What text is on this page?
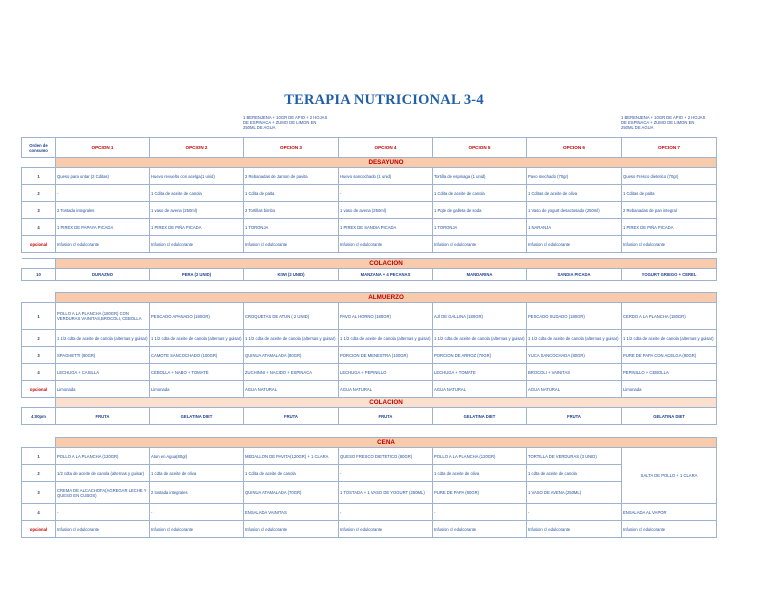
TERAPIA NUTRICIONAL 3-4
1 BERENJENA + 10GR DE APIO + 2 HOJAS
DE ESPINACA + ZUMO DE LIMON EN
250ML DE AGUA
1 BERENJENA + 10GR DE APIO + 2 HOJAS
DE ESPINACA + ZUMO DE LIMON EN
250ML DE AGUA
Orden de
consumo	OPCION 1	OPCION 2	OPCION 3	OPCION 4	OPCION 5	OPCION 6	OPCION 7
	DESAYUNO						
1	Queso para untar (2 Cditas)	Huevo revuelto con acelga(1 unid)	2 Rebanadas de Jamon de pavita	Huevo sancochado (1 unid)	Tortilla de espinaga (1 unid)	Pavo mechado (70gr)	Queso Fresco dietetico (70gr)
2	-	1 Cdita de aceite de canola	1 Cdita de palta	-	1 Cdita de aceite de canola	1 Cditas de aceite de oliva	1 Cditas de palta
3	2 Tostada integrales	1 vaso de avena (250ml)	2 Tortillas bimbo	1 vaso de avena (250ml)	1 Pqte de galleta de soda	1 Vaso de yogurt desactosado (250ml)	2 Rebanadas de pan integral
4	1 PIREX DE PAPAYA PICADA	1 PIREX DE PIÑA PICADA	1 TORONJA	1 PIREX DE SANDIA PICADA	1 TORONJA	1 NARANJA	1 PIREX DE PIÑA PICADA
opcional	Infusion c/ edulcorante	Infusion c/ edulcorante	Infusion c/ edulcorante	Infusion c/ edulcorante	Infusion c/ edulcorante	Infusion c/ edulcorante	Infusion c/ edulcorante

	COLACION						
10	DURAZNO	PERA (2 UNID)	KIWI (2 UNID)	MANZANA + 4 PECANAS	MANDARINA	SANDIA PICADA	YOGURT GRIEGO + CEREL
	ALMUERZO						
1	POLLO A LA PLANCHA (180GR) CON VERDURAS VAINITAS,BROCOLI, CEBOLLA	PESCADO APANADO (180GR)	CROQUETAS DE ATUN ( 2 UNID)	PAVO AL HORNO (180GR)	AJÍ DE GALLINA (180GR)	PESCADO SUDADO (180GR)	CERDO A LA PLANCHA (180GR)
2	1 1/2 cdta de aceite de canola (alternas y guisar)	1 1/2 cdta de aceite de canola (alternas y guisar)	1 1/2 cdta de aceite de canola (alternas y guisar)	1 1/2 cdta de aceite de canola (alternas y guisar)	1 1/2 cdta de aceite de canola (alternas y guisar)	1 1/2 cdta de aceite de canola (alternas y guisar)	1 1/2 cdta de aceite de canola (alternas y guisar)
3	SPAGHETTI (90GR)	CAMOTE SANCOCHADO (100GR)	QUINUA ATAMALADA (80GR)	PORCION DE MENESTRA (100GR)	PORCION DE ARROZ (70GR)	YUCA SANCOCHADA (80GR)	PURE DE PAPA CON ACELGA (90GR)
4	LECHUGA + CASILLA	CEBOLLA + NABO + TOMATE	ZUCHINNI + NACIDO + ESPINACA	LECHUGA + PEPINILLO	LECHUGA + TOMATE	BROCOLI + VAINITAS	PEPINILLO + CEBOLLA
opcional	Limonada	Limonada	AGUA NATURAL	AGUA NATURAL	AGUA NATURAL	AGUA NATURAL	Limonada
	COLACION						
4:00pm	FRUTA	GELATINA DIET	FRUTA	FRUTA	GELATINA DIET	FRUTA	GELATINA DIET
	CENA						
1	POLLO A LA PLANCHA (120GR)	Atun en Agua(80gr)	MEDALLON DE PAVITA(120GR) + 1 CLARA	QUESO FRESCO DIETETICO (80GR)	POLLO A LA PLANCHA (120GR)	TORTILLA DE VERDURAS (3 UNID)	SALTA DE POLLO + 1 CLARA
2	1/2 cdta de aceite de canola (alternas y guisar)	1 cdta de aceite de oliva	1 Cdita de aceite de canola	-	1 cdta de aceite de oliva	1 cdta de aceite de canola	
3	CREMA DE ALCACHOFA(AGREGAR LECHE Y QUESO EN CUBOS)	2 tostada integrales	QUINUA ATAMALADA (70GR)	1 TOSTADA + 1 VASO DE YOGURT (250ML)	PURE DE PAPA (80GR)	1 VASO DE AVENA (250ML)	
4	-	-	ENSALADA VAINITAS	-	-	-	ENSALADA AL VAPOR
opcional	Infusion c/ edulcorante	Infusion c/ edulcorante	Infusion c/ edulcorante	Infusion c/ edulcorante	Infusion c/ edulcorante	Infusion c/ edulcorante	Infusion c/ edulcorante
